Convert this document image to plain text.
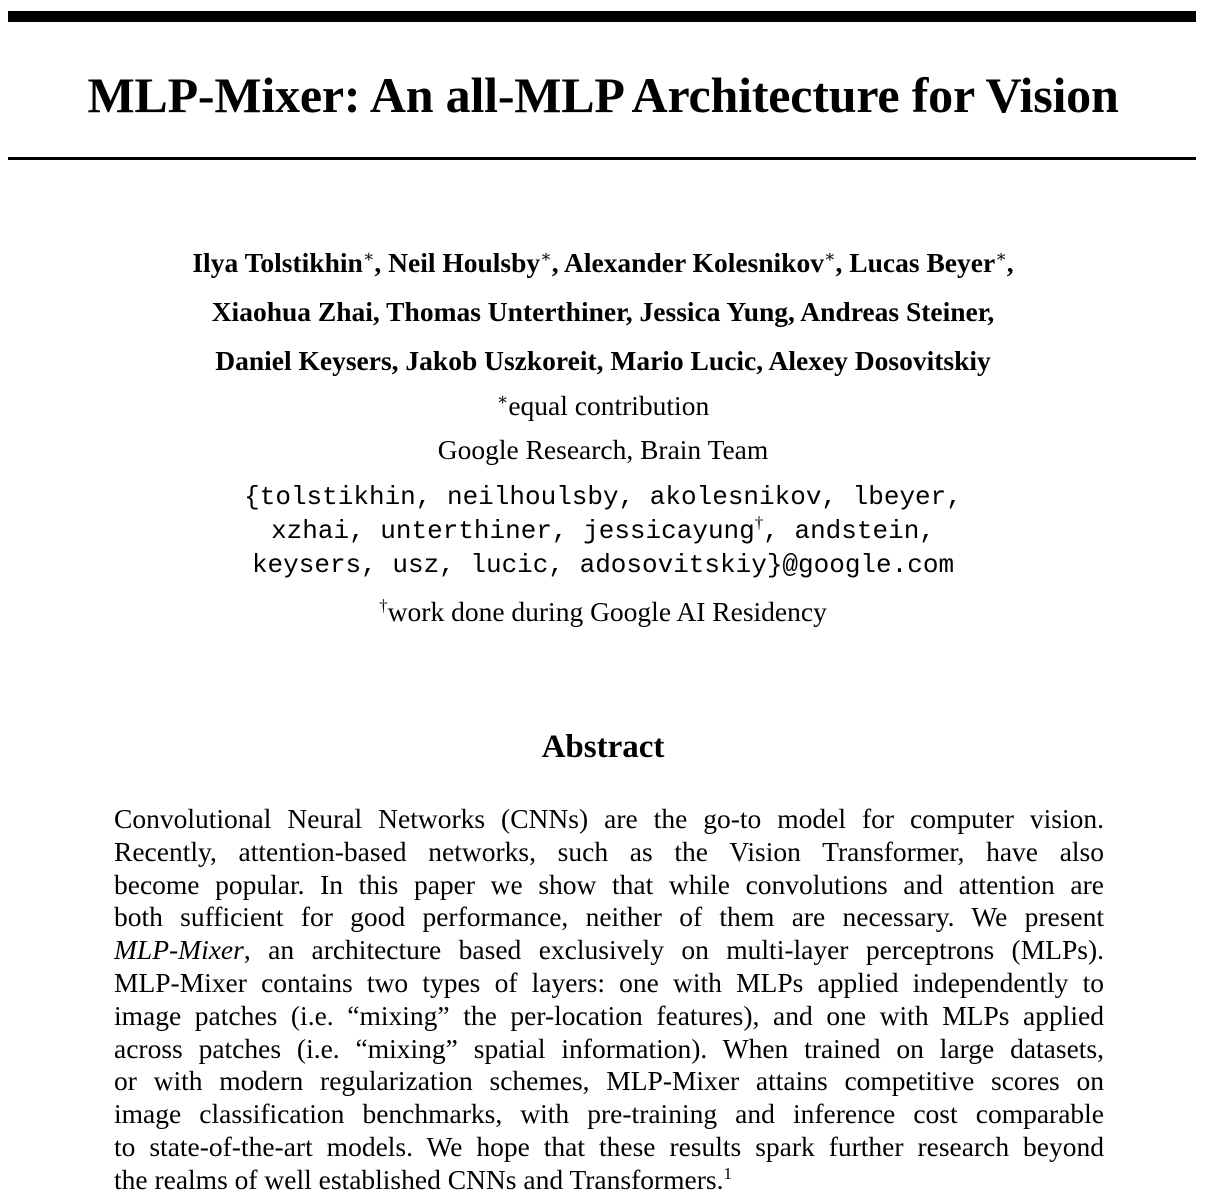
MLP-Mixer: An all-MLP Architecture for Vision
Ilya Tolstikhin∗, Neil Houlsby∗, Alexander Kolesnikov∗, Lucas Beyer∗,
Xiaohua Zhai, Thomas Unterthiner, Jessica Yung, Andreas Steiner,
Daniel Keysers, Jakob Uszkoreit, Mario Lucic, Alexey Dosovitskiy
∗equal contribution
Google Research, Brain Team
{tolstikhin, neilhoulsby, akolesnikov, lbeyer,
xzhai, unterthiner, jessicayung†, andstein,
keysers, usz, lucic, adosovitskiy}@google.com
†work done during Google AI Residency
Abstract
Convolutional Neural Networks (CNNs) are the go-to model for computer vision.
Recently, attention-based networks, such as the Vision Transformer, have also
become popular. In this paper we show that while convolutions and attention are
both sufficient for good performance, neither of them are necessary. We present
MLP-Mixer, an architecture based exclusively on multi-layer perceptrons (MLPs).
MLP-Mixer contains two types of layers: one with MLPs applied independently to
image patches (i.e. “mixing” the per-location features), and one with MLPs applied
across patches (i.e. “mixing” spatial information). When trained on large datasets,
or with modern regularization schemes, MLP-Mixer attains competitive scores on
image classification benchmarks, with pre-training and inference cost comparable
to state-of-the-art models. We hope that these results spark further research beyond
the realms of well established CNNs and Transformers.$^1$
